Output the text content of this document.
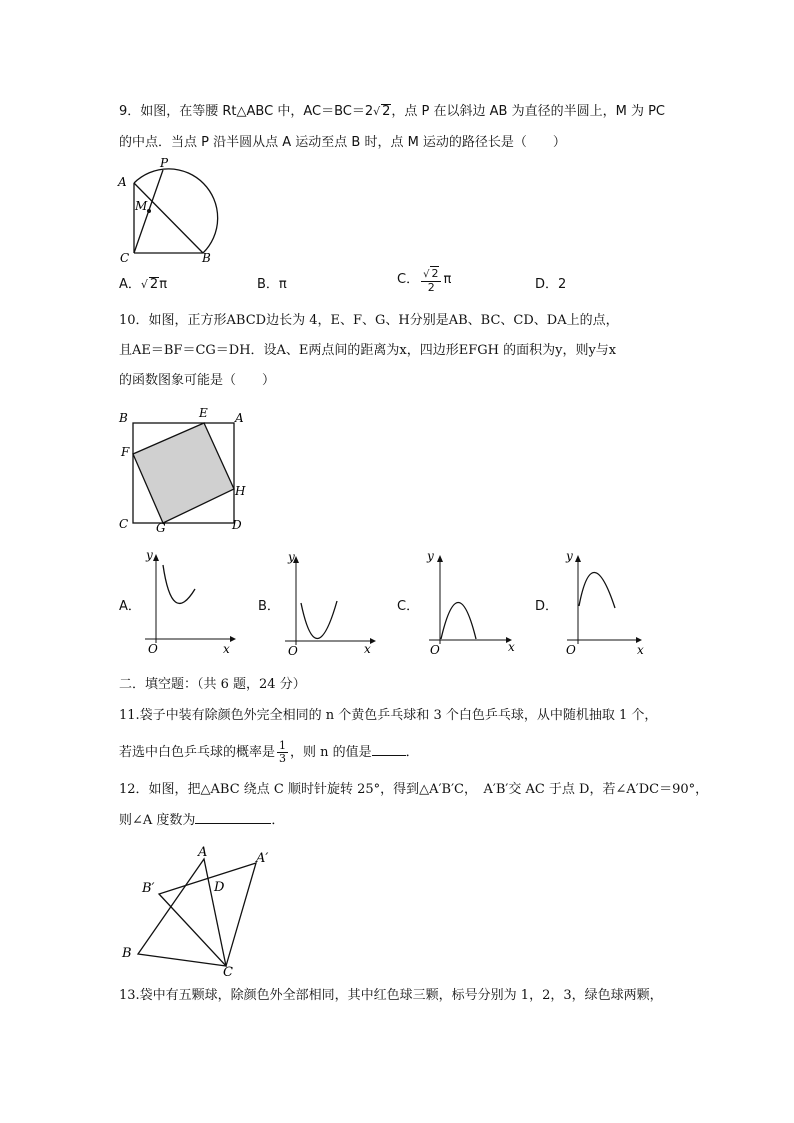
9．如图，在等腰 Rt△ABC 中，AC＝BC＝2√ 2，点 P 在以斜边 AB 为直径的半圆上，M 为 PC
的中点．当点 P 沿半圆从点 A 运动至点 B 时，点 M 运动的路径长是（　　）
A
P
M
C	B
A．√ 2π	B．π	C． $\frac{√ 2}{2}$ π	D．2
10．如图，正方形ABCD边长为 4，E、F、G、H分别是AB、BC、CD、DA上的点，
且AE＝BF＝CG＝DH．设A、E两点间的距离为x，四边形EFGH 的面积为y，则y与x
的函数图象可能是（　　）
B	E A
F
H
C G	D
A．
y
x
O
B．
y
x
O
C．
y
x
O
D．
y
x
O
二．填空题：（共 6 题，24 分）
11.袋子中装有除颜色外完全相同的 n 个黄色乒乓球和 3 个白色乒乓球，从中随机抽取 1 个，
若选中白色乒乓球的概率是 $\frac{1}{3}$ ，则 n 的值是	．
12．如图，把△ABC 绕点 C 顺时针旋转 25°，得到△A′B′C，　A′B′交 AC 于点 D，若∠A′DC＝90°，
则∠A 度数为	．
A	A′
B′	D
B
C
13.袋中有五颗球，除颜色外全部相同，其中红色球三颗，标号分别为 1，2，3，绿色球两颗，
